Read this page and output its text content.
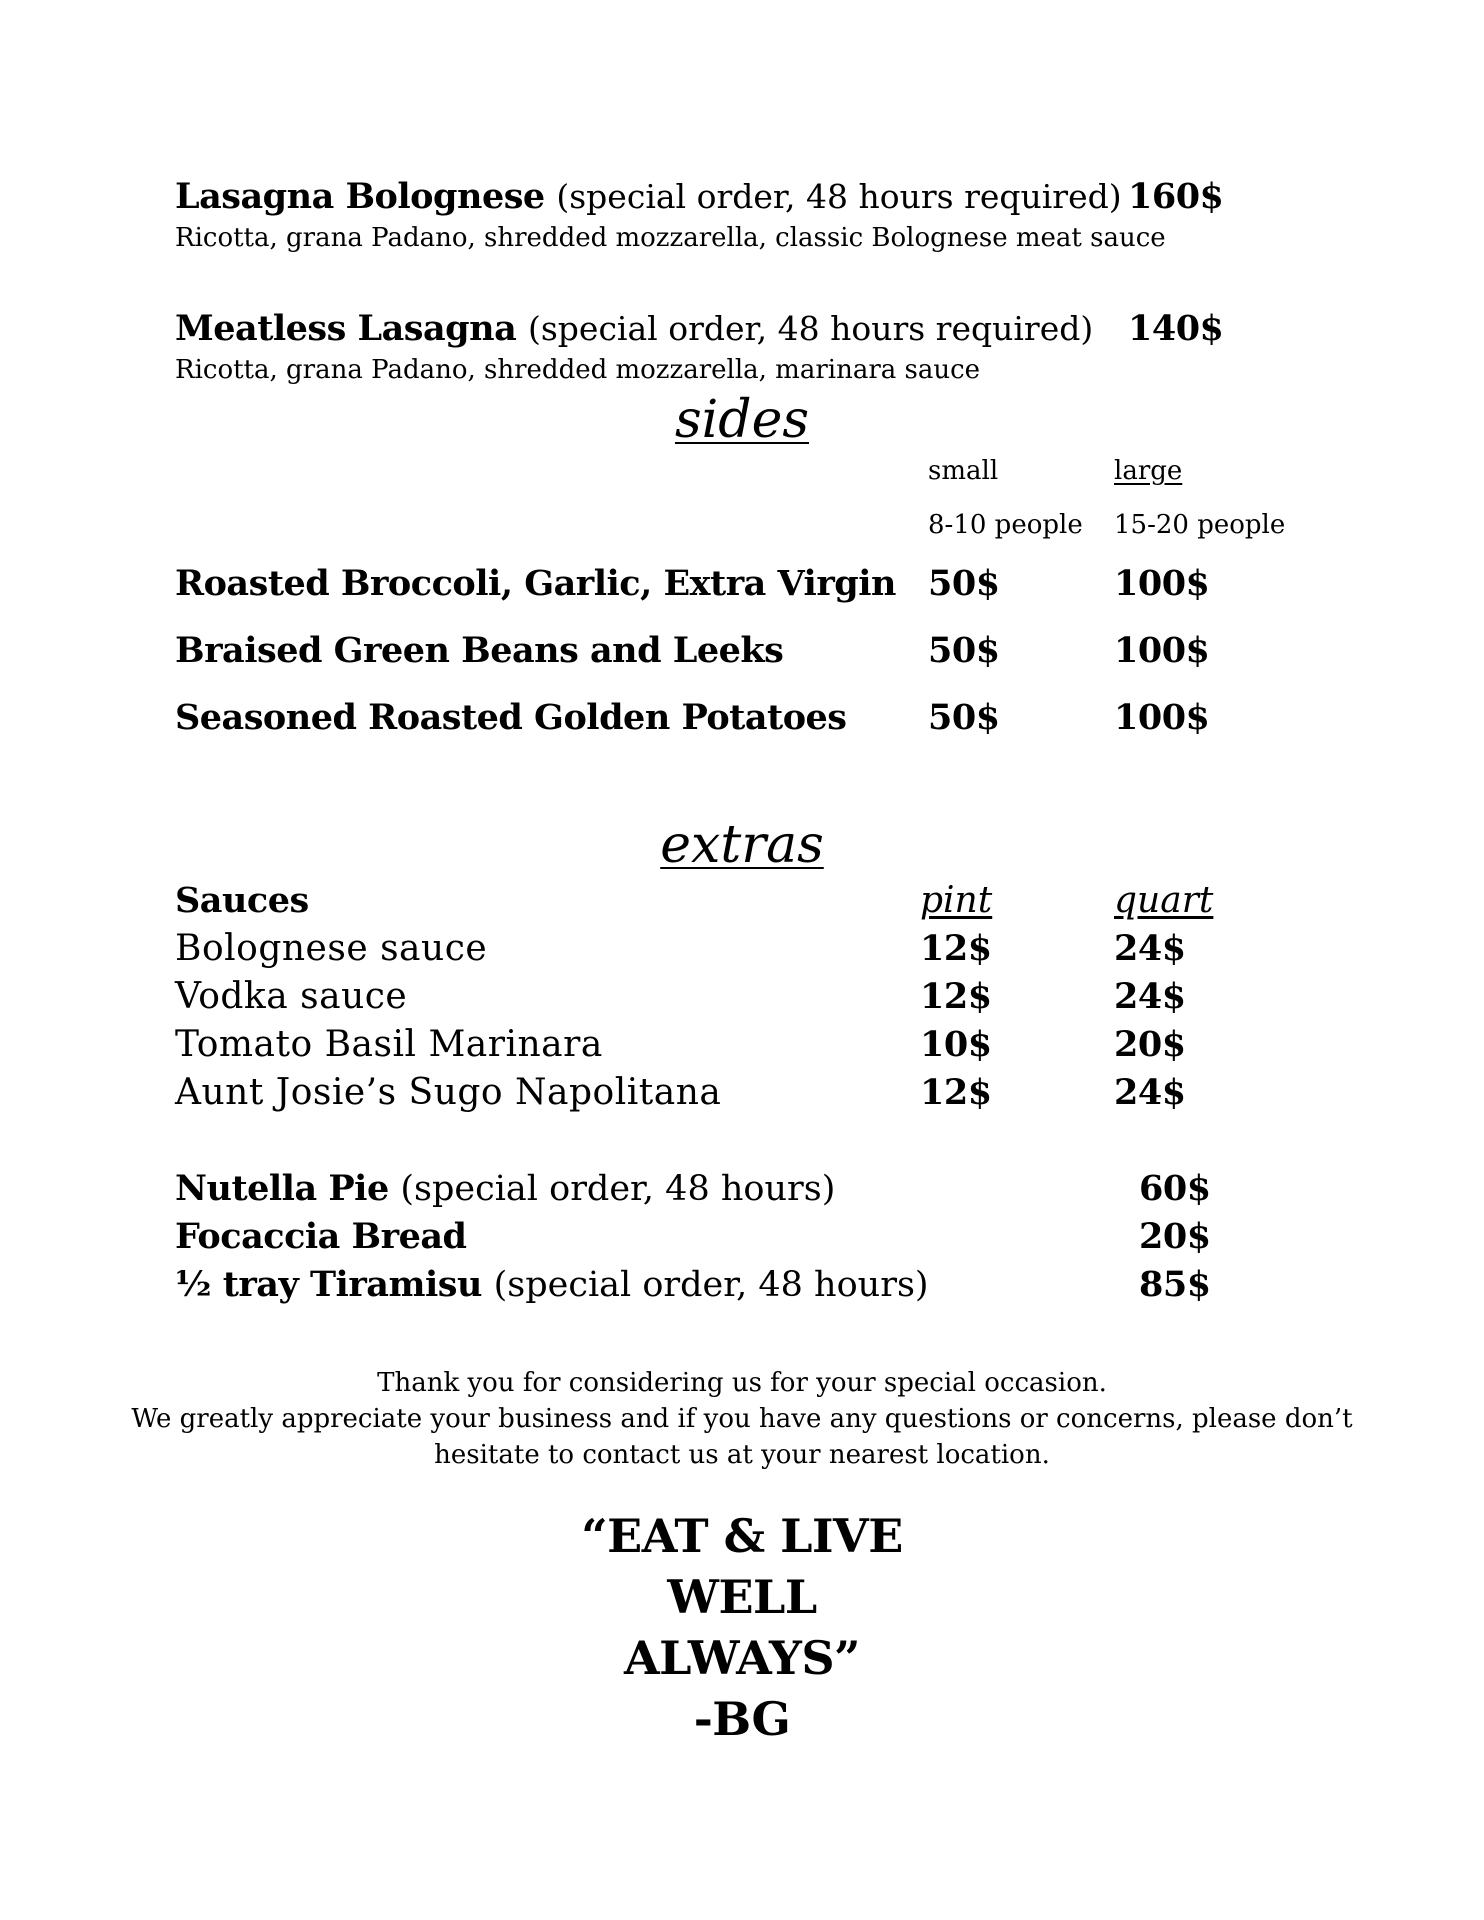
Lasagna Bolognese (special order, 48 hours required) 160$
Ricotta, grana Padano, shredded mozzarella, classic Bolognese meat sauce
Meatless Lasagna (special order, 48 hours required) 140$
Ricotta, grana Padano, shredded mozzarella, marinara sauce
sides
small	large
8-10 people 15-20 people
Roasted Broccoli, Garlic, Extra Virgin 50$	100$
Braised Green Beans and Leeks	50$	100$
Seasoned Roasted Golden Potatoes 50$	100$
extras
Sauces	pint	quart
Bolognese sauce	12$	24$
Vodka sauce	12$	24$
Tomato Basil Marinara	10$	20$
Aunt Josie’s Sugo Napolitana	12$	24$
Nutella Pie (special order, 48 hours)	60$
Focaccia Bread	20$
½ tray Tiramisu (special order, 48 hours)	85$
Thank you for considering us for your special occasion.
We greatly appreciate your business and if you have any questions or concerns, please don’t
hesitate to contact us at your nearest location.
“EAT & LIVE
WELL
ALWAYS”
-BG
